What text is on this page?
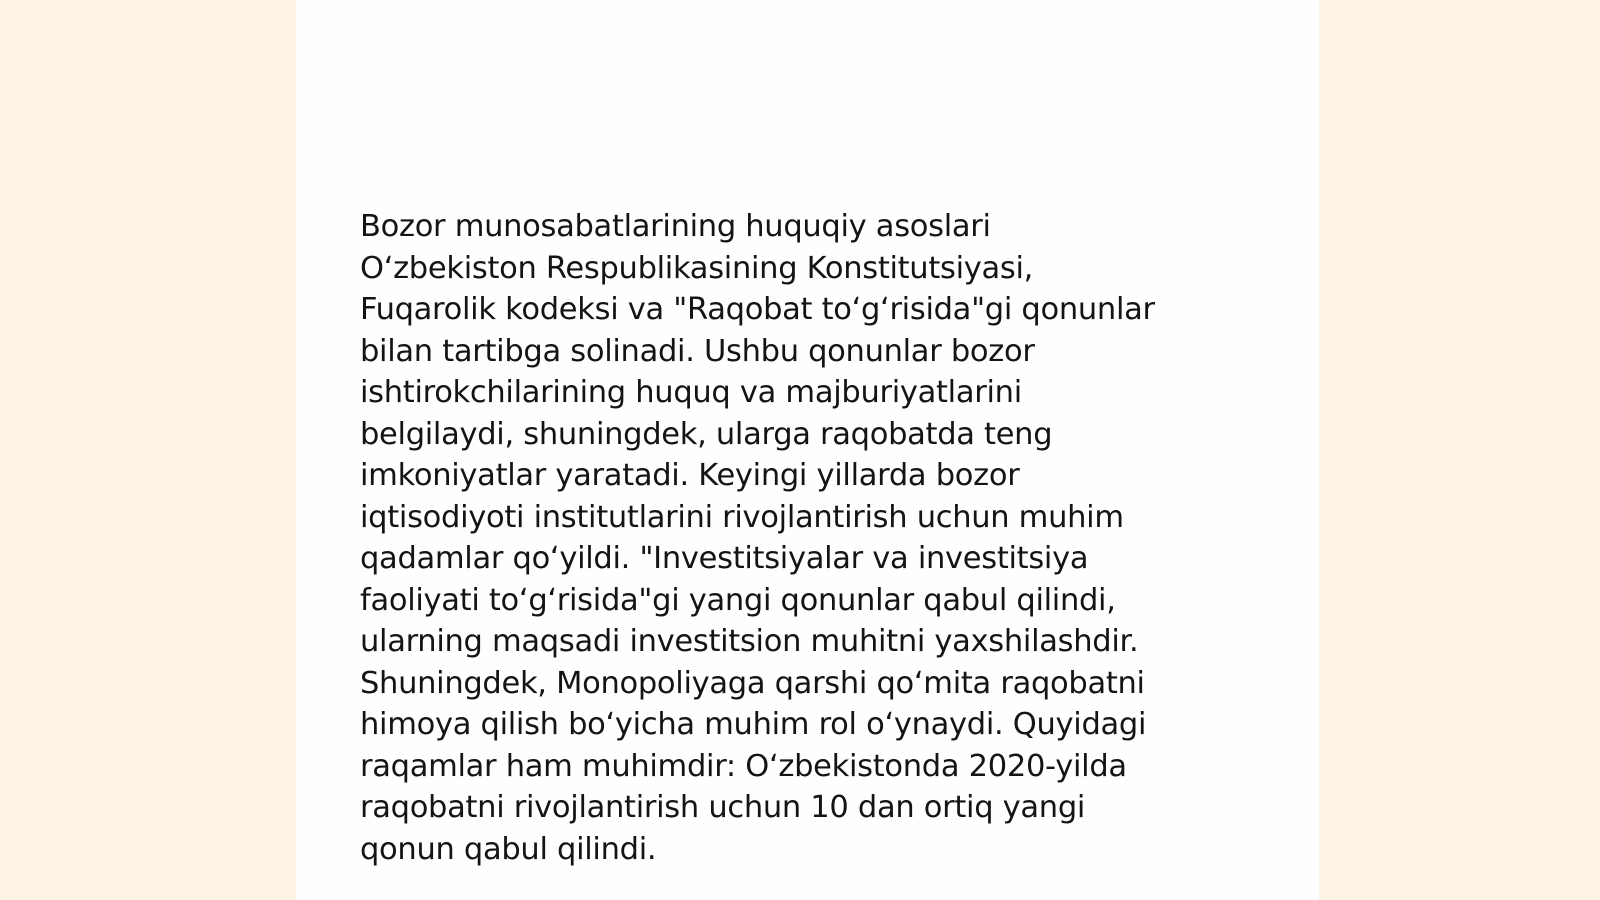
Bozor munosabatlarining huquqiy asoslari
Oʻzbekiston Respublikasining Konstitutsiyasi,
Fuqarolik kodeksi va "Raqobat toʻgʻrisida"gi qonunlar
bilan tartibga solinadi. Ushbu qonunlar bozor
ishtirokchilarining huquq va majburiyatlarini
belgilaydi, shuningdek, ularga raqobatda teng
imkoniyatlar yaratadi. Keyingi yillarda bozor
iqtisodiyoti institutlarini rivojlantirish uchun muhim
qadamlar qoʻyildi. "Investitsiyalar va investitsiya
faoliyati toʻgʻrisida"gi yangi qonunlar qabul qilindi,
ularning maqsadi investitsion muhitni yaxshilashdir.
Shuningdek, Monopoliyaga qarshi qoʻmita raqobatni
himoya qilish boʻyicha muhim rol oʻynaydi. Quyidagi
raqamlar ham muhimdir: Oʻzbekistonda 2020-yilda
raqobatni rivojlantirish uchun 10 dan ortiq yangi
qonun qabul qilindi.
